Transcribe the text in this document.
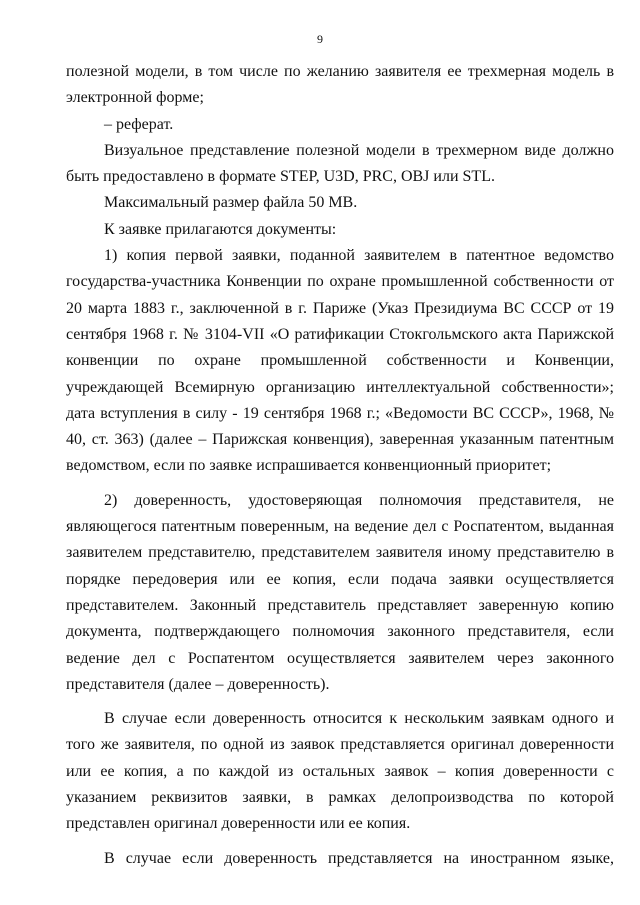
9

полезной модели, в том числе по желанию заявителя ее трехмерная модель в электронной форме;

– реферат.

Визуальное представление полезной модели в трехмерном виде должно быть предоставлено в формате STEP, U3D, PRC, OBJ или STL.

Максимальный размер файла 50 MB.

К заявке прилагаются документы:

1) копия первой заявки, поданной заявителем в патентное ведомство государства-участника Конвенции по охране промышленной собственности от 20 марта 1883 г., заключенной в г. Париже (Указ Президиума ВС СССР от 19 сентября 1968 г. № 3104-VII «О ратификации Стокгольмского акта Парижской конвенции по охране промышленной собственности и Конвенции, учреждающей Всемирную организацию интеллектуальной собственности»; дата вступления в силу - 19 сентября 1968 г.; «Ведомости ВС СССР», 1968, № 40, ст. 363) (далее – Парижская конвенция), заверенная указанным патентным ведомством, если по заявке испрашивается конвенционный приоритет;

2) доверенность, удостоверяющая полномочия представителя, не являющегося патентным поверенным, на ведение дел с Роспатентом, выданная заявителем представителю, представителем заявителя иному представителю в порядке передоверия или ее копия, если подача заявки осуществляется представителем. Законный представитель представляет заверенную копию документа, подтверждающего полномочия законного представителя, если ведение дел с Роспатентом осуществляется заявителем через законного представителя (далее – доверенность).

В случае если доверенность относится к нескольким заявкам одного и того же заявителя, по одной из заявок представляется оригинал доверенности или ее копия, а по каждой из остальных заявок – копия доверенности с указанием реквизитов заявки, в рамках делопроизводства по которой представлен оригинал доверенности или ее копия.

В случае если доверенность представляется на иностранном языке,
